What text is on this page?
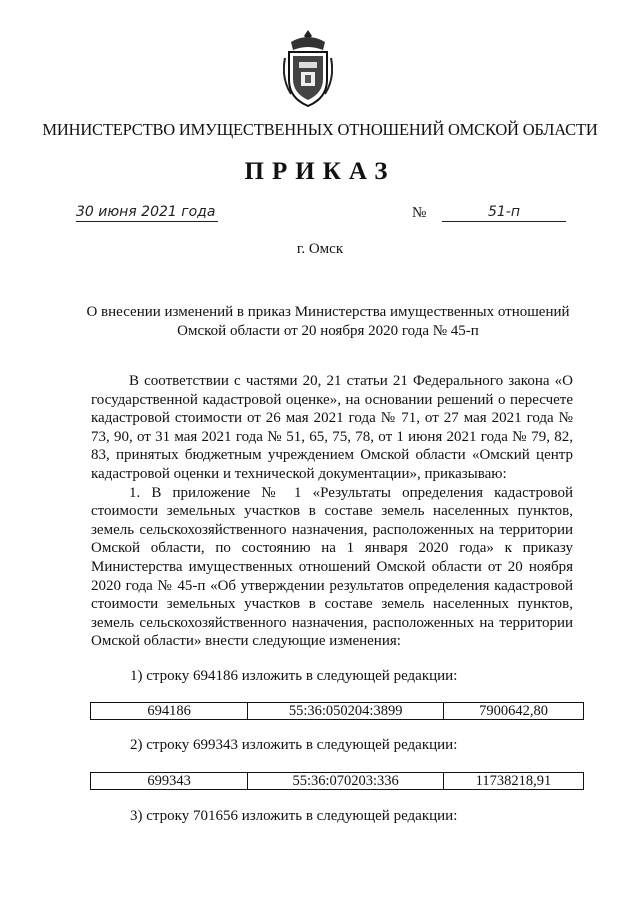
МИНИСТЕРСТВО ИМУЩЕСТВЕННЫХ ОТНОШЕНИЙ ОМСКОЙ ОБЛАСТИ
ПРИКАЗ
30 июня 2021 года	№	51-п
г. Омск
О внесении изменений в приказ Министерства имущественных отношений Омской области от 20 ноября 2020 года № 45-п

В соответствии с частями 20, 21 статьи 21 Федерального закона «О государственной кадастровой оценке», на основании решений о пересчете кадастровой стоимости от 26 мая 2021 года № 71, от 27 мая 2021 года № 73, 90, от 31 мая 2021 года № 51, 65, 75, 78, от 1 июня 2021 года № 79, 82, 83, принятых бюджетным учреждением Омской области «Омский центр кадастровой оценки и технической документации», приказываю:

1. В приложение № 1 «Результаты определения кадастровой стоимости земельных участков в составе земель населенных пунктов, земель сельскохозяйственного назначения, расположенных на территории Омской области, по состоянию на 1 января 2020 года» к приказу Министерства имущественных отношений Омской области от 20 ноября 2020 года № 45-п «Об утверждении результатов определения кадастровой стоимости земельных участков в составе земель населенных пунктов, земель сельскохозяйственного назначения, расположенных на территории Омской области» внести следующие изменения:

1) строку 694186 изложить в следующей редакции:
694186	55:36:050204:3899	7900642,80
2) строку 699343 изложить в следующей редакции:
699343	55:36:070203:336	11738218,91
3) строку 701656 изложить в следующей редакции:
